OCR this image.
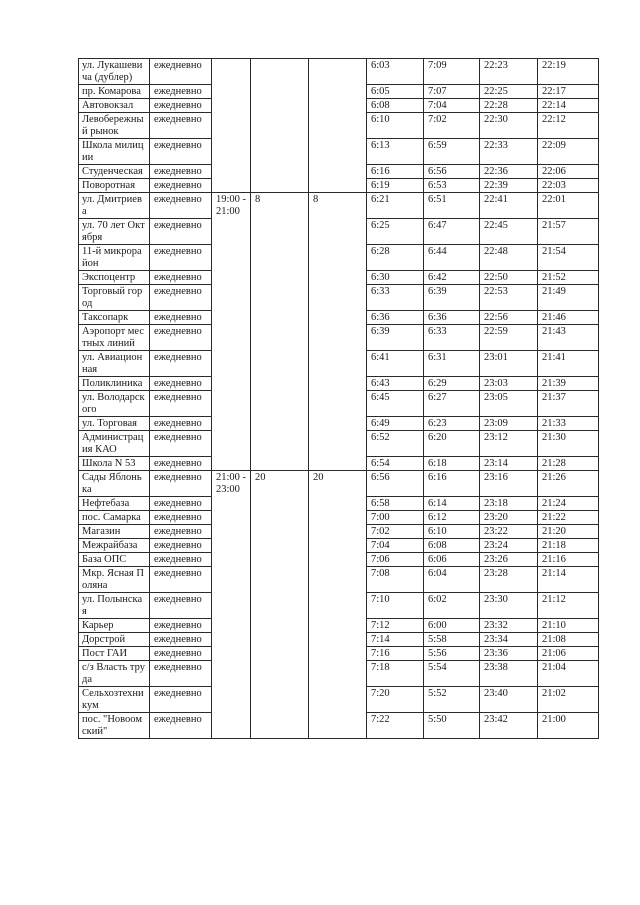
ул. Лукашевича (дублер)	ежедневно				6:03	7:09	22:23	22:19
пр. Комарова	ежедневно				6:05	7:07	22:25	22:17
Автовокзал	ежедневно				6:08	7:04	22:28	22:14
Левобережный рынок	ежедневно				6:10	7:02	22:30	22:12
Школа милиции	ежедневно				6:13	6:59	22:33	22:09
Студенческая	ежедневно				6:16	6:56	22:36	22:06
Поворотная	ежедневно				6:19	6:53	22:39	22:03
ул. Дмитриева	ежедневно	19:00 - 21:00	8	8	6:21	6:51	22:41	22:01
ул. 70 лет Октября	ежедневно				6:25	6:47	22:45	21:57
11-й микрорайон	ежедневно				6:28	6:44	22:48	21:54
Экспоцентр	ежедневно				6:30	6:42	22:50	21:52
Торговый город	ежедневно				6:33	6:39	22:53	21:49
Таксопарк	ежедневно				6:36	6:36	22:56	21:46
Аэропорт местных линий	ежедневно				6:39	6:33	22:59	21:43
ул. Авиационная	ежедневно				6:41	6:31	23:01	21:41
Поликлиника	ежедневно				6:43	6:29	23:03	21:39
ул. Володарского	ежедневно				6:45	6:27	23:05	21:37
ул. Торговая	ежедневно				6:49	6:23	23:09	21:33
Администрация КАО	ежедневно				6:52	6:20	23:12	21:30
Школа N 53	ежедневно				6:54	6:18	23:14	21:28
Сады Яблонька	ежедневно	21:00 - 23:00	20	20	6:56	6:16	23:16	21:26
Нефтебаза	ежедневно				6:58	6:14	23:18	21:24
пос. Самарка	ежедневно				7:00	6:12	23:20	21:22
Магазин	ежедневно				7:02	6:10	23:22	21:20
Межрайбаза	ежедневно				7:04	6:08	23:24	21:18
База ОПС	ежедневно				7:06	6:06	23:26	21:16
Мкр. Ясная Поляна	ежедневно				7:08	6:04	23:28	21:14
ул. Полынская	ежедневно				7:10	6:02	23:30	21:12
Карьер	ежедневно				7:12	6:00	23:32	21:10
Дорстрой	ежедневно				7:14	5:58	23:34	21:08
Пост ГАИ	ежедневно				7:16	5:56	23:36	21:06
с/з Власть труда	ежедневно				7:18	5:54	23:38	21:04
Сельхозтехникум	ежедневно				7:20	5:52	23:40	21:02
пос. "Новоомский"	ежедневно				7:22	5:50	23:42	21:00
